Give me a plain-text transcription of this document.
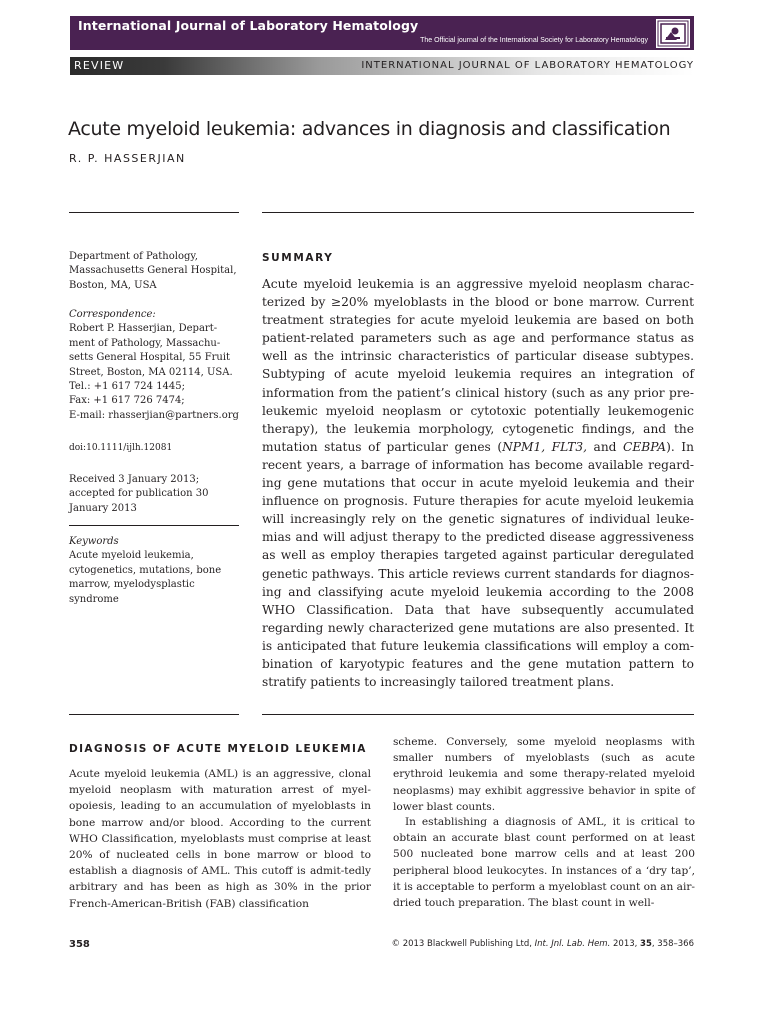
International Journal of Laboratory Hematology
The Official journal of the International Society for Laboratory Hematology
REVIEW	INTERNATIONAL JOURNAL OF LABORATORY HEMATOLOGY
Acute myeloid leukemia: advances in diagnosis and classification
R. P. HASSERJIAN

Department of Pathology,

Massachusetts General Hospital,

Boston, MA, USA

Correspondence:

Robert P. Hasserjian, Depart-

ment of Pathology, Massachu-

setts General Hospital, 55 Fruit

Street, Boston, MA 02114, USA.

Tel.: +1 617 724 1445;

Fax: +1 617 726 7474;

E-mail: rhasserjian@partners.org

doi:10.1111/ijlh.12081

Received 3 January 2013;

accepted for publication 30

January 2013

Keywords

Acute myeloid leukemia,

cytogenetics, mutations, bone

marrow, myelodysplastic

syndrome

SUMMARY

Acute myeloid leukemia is an aggressive myeloid neoplasm charac-terized by ≥20% myeloblasts in the blood or bone marrow. Current treatment strategies for acute myeloid leukemia are based on both patient-related parameters such as age and performance status as well as the intrinsic characteristics of particular disease subtypes. Subtyping of acute myeloid leukemia requires an integration of information from the patient’s clinical history (such as any prior pre-leukemic myeloid neoplasm or cytotoxic potentially leukemogenic therapy), the leukemia morphology, cytogenetic findings, and the mutation status of particular genes (NPM1, FLT3, and CEBPA). In recent years, a barrage of information has become available regard-ing gene mutations that occur in acute myeloid leukemia and their influence on prognosis. Future therapies for acute myeloid leukemia will increasingly rely on the genetic signatures of individual leuke-mias and will adjust therapy to the predicted disease aggressiveness as well as employ therapies targeted against particular deregulated genetic pathways. This article reviews current standards for diagnos-ing and classifying acute myeloid leukemia according to the 2008 WHO Classification. Data that have subsequently accumulated regarding newly characterized gene mutations are also presented. It is anticipated that future leukemia classifications will employ a com-bination of karyotypic features and the gene mutation pattern to stratify patients to increasingly tailored treatment plans.

DIAGNOSIS OF ACUTE MYELOID LEUKEMIA

Acute myeloid leukemia (AML) is an aggressive, clonal myeloid neoplasm with maturation arrest of myel-opoiesis, leading to an accumulation of myeloblasts in bone marrow and/or blood. According to the current WHO Classification, myeloblasts must comprise at least 20% of nucleated cells in bone marrow or blood to establish a diagnosis of AML. This cutoff is admit-tedly arbitrary and has been as high as 30% in the prior French-American-British (FAB) classification

scheme. Conversely, some myeloid neoplasms with smaller numbers of myeloblasts (such as acute erythroid leukemia and some therapy-related myeloid neoplasms) may exhibit aggressive behavior in spite of lower blast counts.

In establishing a diagnosis of AML, it is critical to obtain an accurate blast count performed on at least 500 nucleated bone marrow cells and at least 200 peripheral blood leukocytes. In instances of a ‘dry tap’, it is acceptable to perform a myeloblast count on an air-dried touch preparation. The blast count in well-

358	© 2013 Blackwell Publishing Ltd, Int. Jnl. Lab. Hem. 2013, 35, 358–366
